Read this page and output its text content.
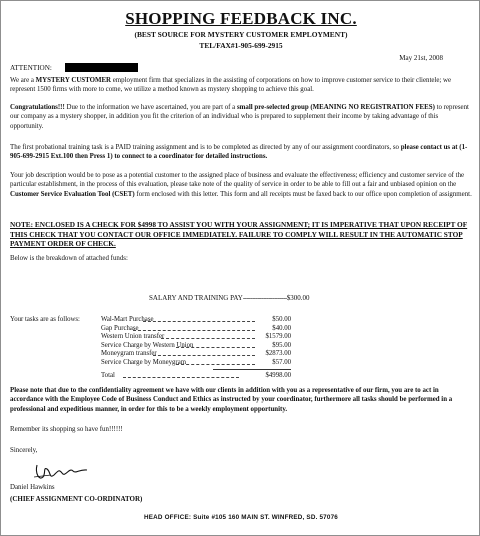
SHOPPING FEEDBACK INC.
(BEST SOURCE FOR MYSTERY CUSTOMER EMPLOYMENT)
TEL/FAX#1-905-699-2915
May 21st, 2008
ATTENTION:
We are a MYSTERY CUSTOMER employment firm that specializes in the assisting of corporations on how to improve customer service to their clientele; we represent 1500 firms with more to come, we utilize a method known as mystery shopping to achieve this goal.
Congratulations!!! Due to the information we have ascertained, you are part of a small pre-selected group (MEANING NO REGISTRATION FEES) to represent our company as a mystery shopper, in addition you fit the criterion of an individual who is prepared to supplement their income by taking advantage of this opportunity.
The first probational training task is a PAID training assignment and is to be completed as directed by any of our assignment coordinators, so please contact us at (1-905-699-2915 Ext.100 then Press 1) to connect to a coordinator for detailed instructions.
Your job description would be to pose as a potential customer to the assigned place of business and evaluate the effectiveness; efficiency and customer service of the particular establishment, in the process of this evaluation, please take note of the quality of service in order to be able to fill out a fair and unbiased opinion on the Customer Service Evaluation Tool (CSET) form enclosed with this letter. This form and all receipts must be faxed back to our office upon completion of assignment.
NOTE: ENCLOSED IS A CHECK FOR $4998 TO ASSIST YOU WITH YOUR ASSIGNMENT; IT IS IMPERATIVE THAT UPON RECEIPT OF THIS CHECK THAT YOU CONTACT OUR OFFICE IMMEDIATELY. FAILURE TO COMPLY WILL RESULT IN THE AUTOMATIC STOP PAYMENT ORDER OF CHECK.
Below is the breakdown of attached funds:
SALARY AND TRAINING PAY------------------------$300.00
Your tasks are as follows:	Wal-Mart Purchase	$50.00
Gap Purchase	$40.00
Western Union transfer	$1579.00
Service Charge by Western Union	$95.00
Moneygram transfer	$2873.00
Service Charge by Moneygram	$57.00
Total	$4998.00
Please note that due to the confidentiality agreement we have with our clients in addition with you as a representative of our firm, you are to act in accordance with the Employee Code of Business Conduct and Ethics as instructed by your coordinator, furthermore all tasks should be performed in a professional and expeditious manner, in order for this to be a weekly employment opportunity.
Remember its shopping so have fun!!!!!!
Sincerely,
Daniel Hawkins
(CHIEF ASSIGNMENT CO-ORDINATOR)
HEAD OFFICE: Suite #105 160 MAIN ST. WINFRED, SD. 57076
